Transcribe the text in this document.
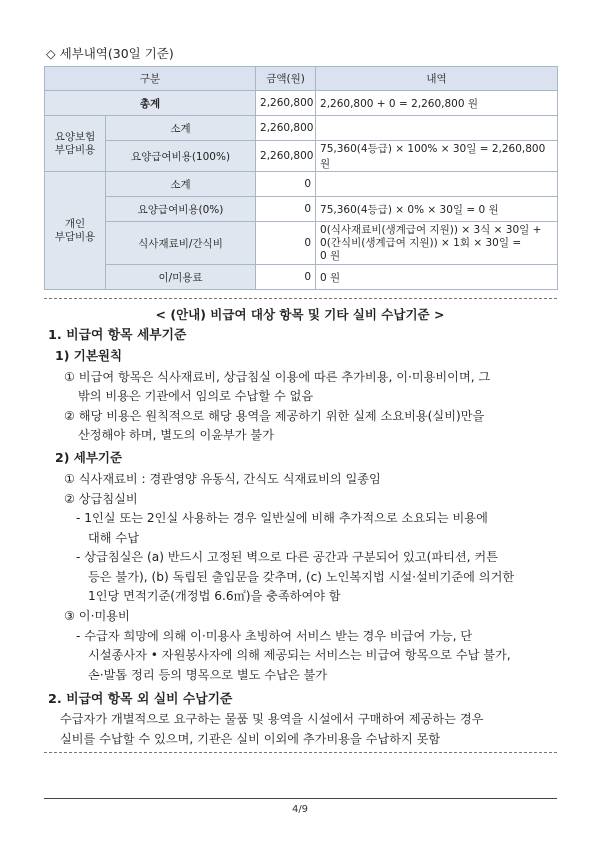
◇ 세부내역(30일 기준)
구분		금액(원)	내역
총계		2,260,800	2,260,800 + 0 = 2,260,800 원

요양보험
부담비용	소계	2,260,800	
	요양급여비용(100%)	2,260,800	75,360(4등급) × 100% × 30일 = 2,260,800 원

개인
부담비용	소계	0	
	요양급여비용(0%)	0	75,360(4등급) × 0% × 30일 = 0 원
	식사재료비/간식비	0	0(식사재료비(생계급여 지원)) × 3식 × 30일 +
0(간식비(생계급여 지원)) × 1회 × 30일 =
0 원

	이/미용료	0	0 원
< (안내) 비급여 대상 항목 및 기타 실비 수납기준 >
1. 비급여 항목 세부기준
1) 기본원칙
① 비급여 항목은 식사재료비, 상급침실 이용에 따른 추가비용, 이·미용비이며, 그
밖의 비용은 기관에서 임의로 수납할 수 없음
② 해당 비용은 원칙적으로 해당 용역을 제공하기 위한 실제 소요비용(실비)만을
산정해야 하며, 별도의 이윤부가 불가
2) 세부기준
① 식사재료비 : 경관영양 유동식, 간식도 식재료비의 일종임
② 상급침실비
- 1인실 또는 2인실 사용하는 경우 일반실에 비해 추가적으로 소요되는 비용에
대해 수납
- 상급침실은 (a) 반드시 고정된 벽으로 다른 공간과 구분되어 있고(파티션, 커튼
등은 불가), (b) 독립된 출입문을 갖추며, (c) 노인복지법 시설·설비기준에 의거한
1인당 면적기준(개정법 6.6㎡)을 충족하여야 함
③ 이·미용비
- 수급자 희망에 의해 이·미용사 초빙하여 서비스 받는 경우 비급여 가능, 단
시설종사자 • 자원봉사자에 의해 제공되는 서비스는 비급여 항목으로 수납 불가,
손·발톱 정리 등의 명목으로 별도 수납은 불가
2. 비급여 항목 외 실비 수납기준
수급자가 개별적으로 요구하는 물품 및 용역을 시설에서 구매하여 제공하는 경우
실비를 수납할 수 있으며, 기관은 실비 이외에 추가비용을 수납하지 못함
4/9
